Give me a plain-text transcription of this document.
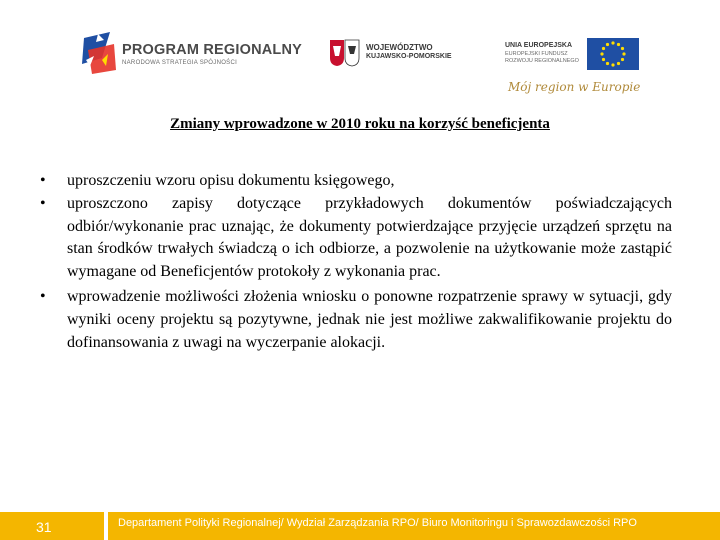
PROGRAM REGIONALNY
NARODOWA STRATEGIA SPÓJNOŚCI
WOJEWÓDZTWO
KUJAWSKO-POMORSKIE
UNIA EUROPEJSKA
EUROPEJSKI FUNDUSZ
ROZWOJU REGIONALNEGO
Mój region w Europie
Zmiany wprowadzone w 2010 roku na korzyść beneficjenta
• uproszczeniu wzoru opisu dokumentu księgowego,
• uproszczono zapisy dotyczące przykładowych dokumentów poświadczających odbiór/wykonanie prac uznając, że dokumenty potwierdzające przyjęcie urządzeń sprzętu na stan środków trwałych świadczą o ich odbiorze, a pozwolenie na użytkowanie może zastąpić wymagane od Beneficjentów protokoły z wykonania prac.
• wprowadzenie możliwości złożenia wniosku o ponowne rozpatrzenie sprawy w sytuacji, gdy wyniki oceny projektu są pozytywne, jednak nie jest możliwe zakwalifikowanie projektu do dofinansowania z uwagi na wyczerpanie alokacji.
31	Departament Polityki Regionalnej/ Wydział Zarządzania RPO/ Biuro Monitoringu i Sprawozdawczości RPO
